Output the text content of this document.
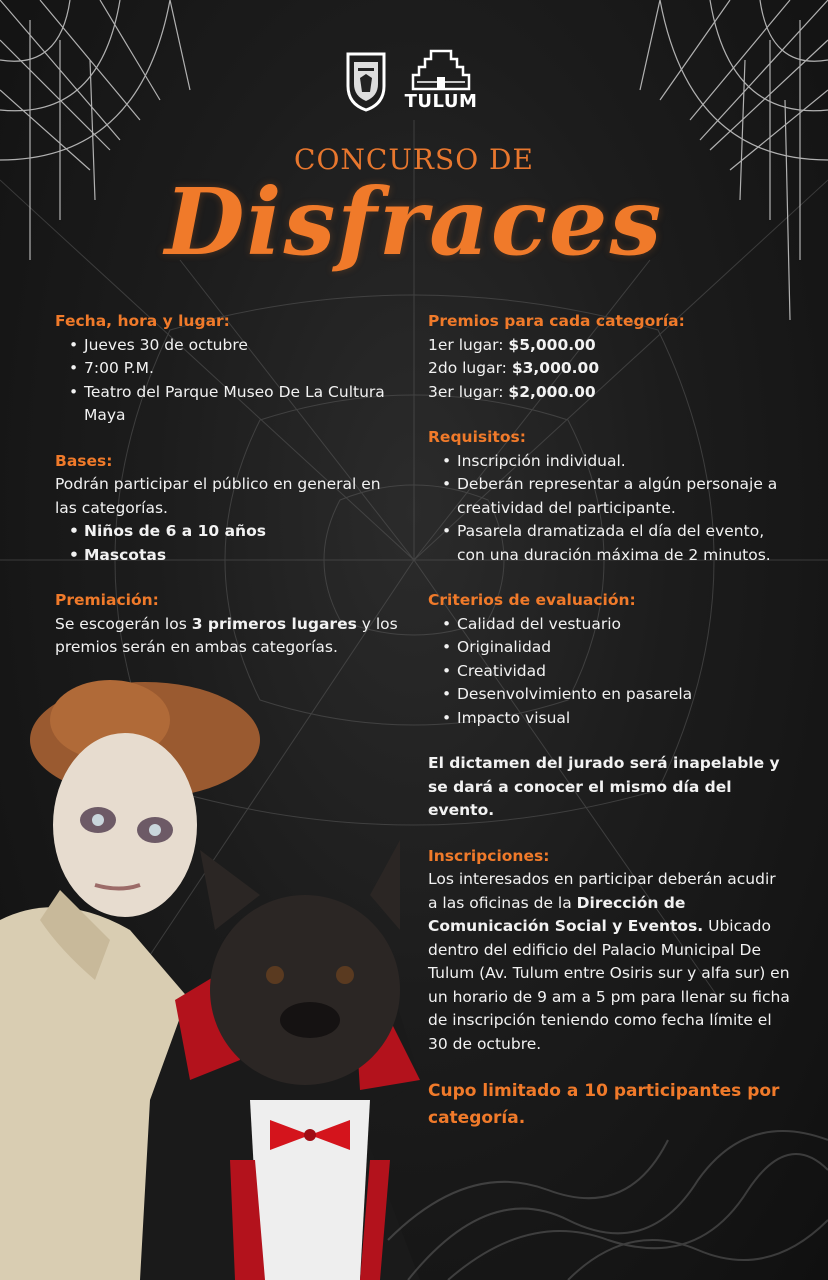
TULUM
CONCURSO DE
Disfraces
Fecha, hora y lugar:
• Jueves 30 de octubre
• 7:00 P.M.
• Teatro del Parque Museo De La Cultura Maya
Bases:
Podrán participar el público en general en las categorías.
• Niños de 6 a 10 años
• Mascotas
Premiación:
Se escogerán los 3 primeros lugares y los premios serán en ambas categorías.
Premios para cada categoría:
1er lugar: $5,000.00
2do lugar: $3,000.00
3er lugar: $2,000.00
Requisitos:
• Inscripción individual.
• Deberán representar a algún personaje a creatividad del participante.
• Pasarela dramatizada el día del evento, con una duración máxima de 2 minutos.
Criterios de evaluación:
• Calidad del vestuario
• Originalidad
• Creatividad
• Desenvolvimiento en pasarela
• Impacto visual
El dictamen del jurado será inapelable y se dará a conocer el mismo día del evento.
Inscripciones:
Los interesados en participar deberán acudir a las oficinas de la Dirección de Comunicación Social y Eventos. Ubicado dentro del edificio del Palacio Municipal De Tulum (Av. Tulum entre Osiris sur y alfa sur) en un horario de 9 am a 5 pm para llenar su ficha de inscripción teniendo como fecha límite el 30 de octubre.
Cupo limitado a 10 participantes por categoría.
